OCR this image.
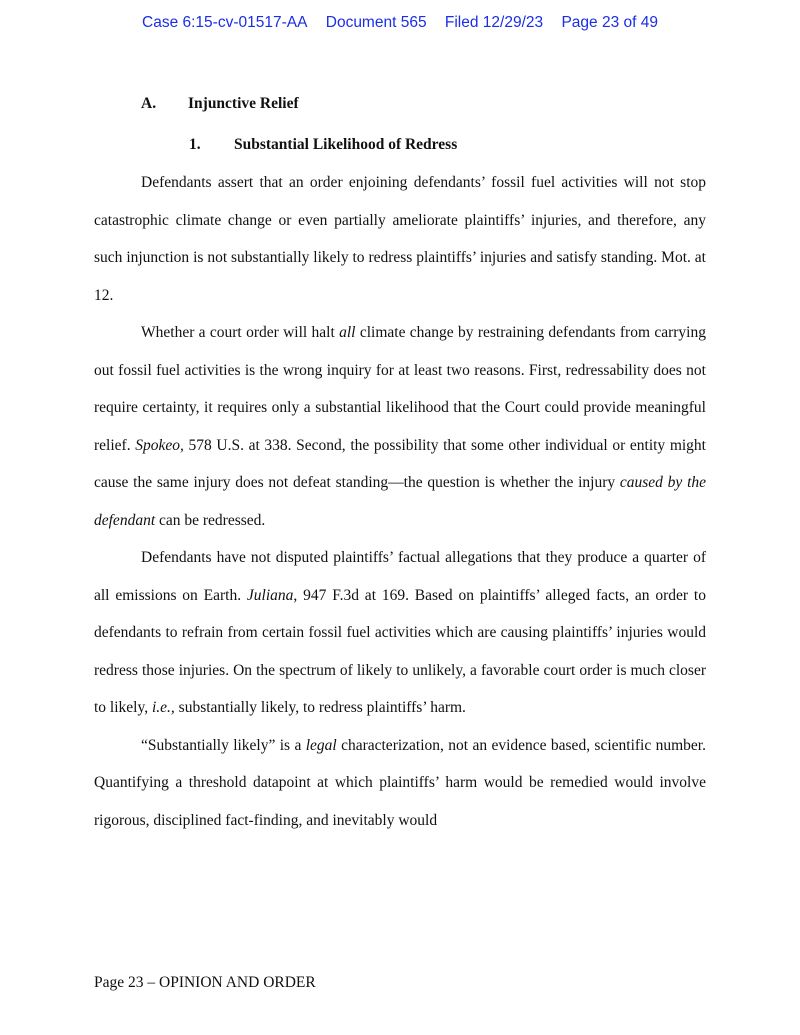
Case 6:15-cv-01517-AA Document 565 Filed 12/29/23 Page 23 of 49
A. Injunctive Relief
1. Substantial Likelihood of Redress

Defendants assert that an order enjoining defendants’ fossil fuel activities will not stop catastrophic climate change or even partially ameliorate plaintiffs’ injuries, and therefore, any such injunction is not substantially likely to redress plaintiffs’ injuries and satisfy standing. Mot. at 12.

Whether a court order will halt all climate change by restraining defendants from carrying out fossil fuel activities is the wrong inquiry for at least two reasons. First, redressability does not require certainty, it requires only a substantial likelihood that the Court could provide meaningful relief. Spokeo, 578 U.S. at 338. Second, the possibility that some other individual or entity might cause the same injury does not defeat standing—the question is whether the injury caused by the defendant can be redressed.

Defendants have not disputed plaintiffs’ factual allegations that they produce a quarter of all emissions on Earth. Juliana, 947 F.3d at 169. Based on plaintiffs’ alleged facts, an order to defendants to refrain from certain fossil fuel activities which are causing plaintiffs’ injuries would redress those injuries. On the spectrum of likely to unlikely, a favorable court order is much closer to likely, i.e., substantially likely, to redress plaintiffs’ harm.

“Substantially likely” is a legal characterization, not an evidence based, scientific number. Quantifying a threshold datapoint at which plaintiffs’ harm would be remedied would involve rigorous, disciplined fact-finding, and inevitably would

Page 23 – OPINION AND ORDER
